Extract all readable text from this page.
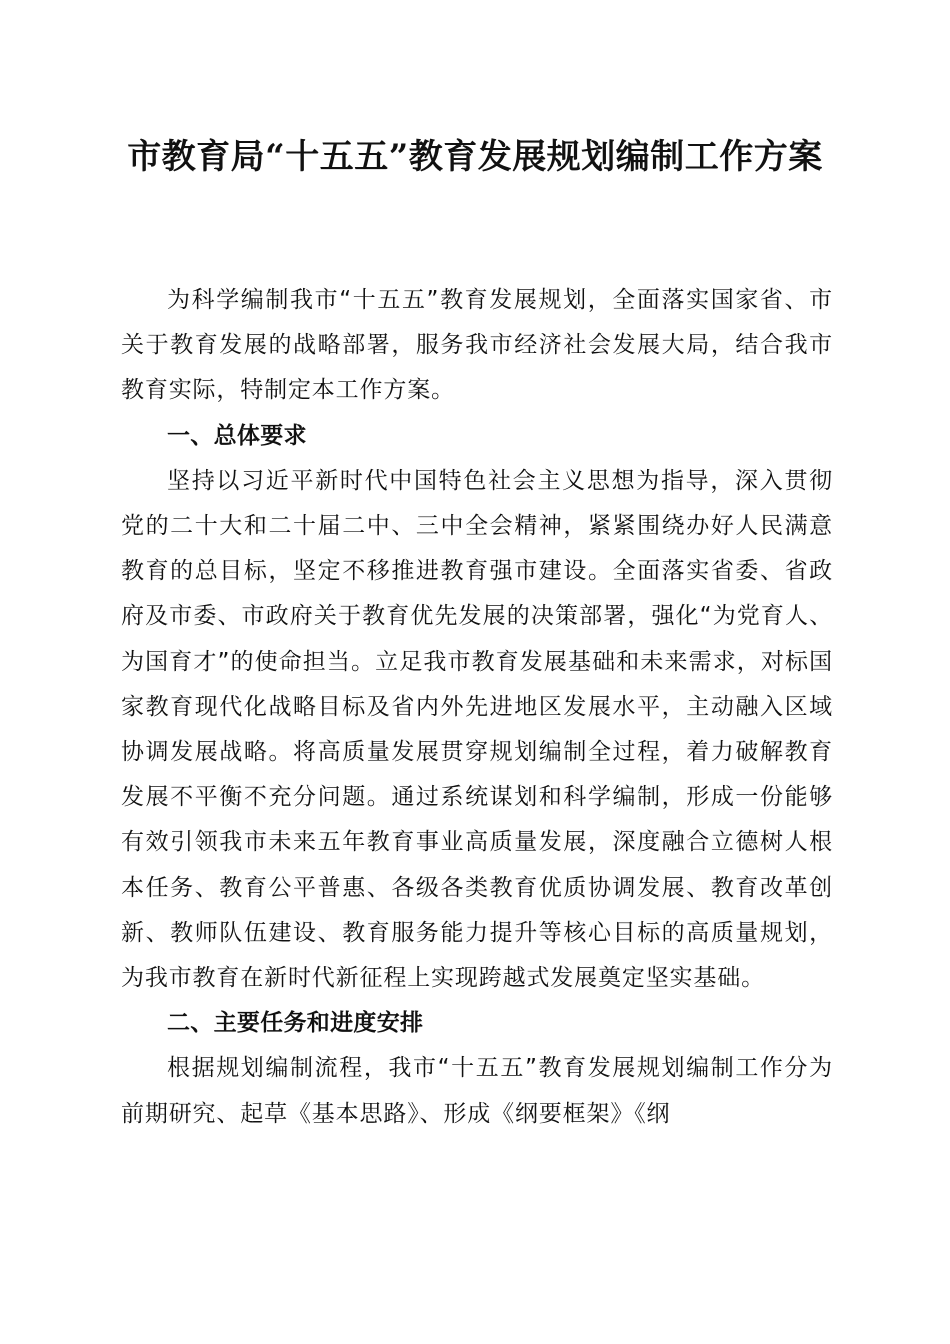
市教育局“十五五”教育发展规划编制工作方案

为科学编制我市“十五五”教育发展规划，全面落实国家省、市关于教育发展的战略部署，服务我市经济社会发展大局，结合我市教育实际，特制定本工作方案。

一、总体要求

坚持以习近平新时代中国特色社会主义思想为指导，深入贯彻党的二十大和二十届二中、三中全会精神，紧紧围绕办好人民满意教育的总目标，坚定不移推进教育强市建设。全面落实省委、省政府及市委、市政府关于教育优先发展的决策部署，强化“为党育人、为国育才”的使命担当。立足我市教育发展基础和未来需求，对标国家教育现代化战略目标及省内外先进地区发展水平，主动融入区域协调发展战略。将高质量发展贯穿规划编制全过程，着力破解教育发展不平衡不充分问题。通过系统谋划和科学编制，形成一份能够有效引领我市未来五年教育事业高质量发展，深度融合立德树人根本任务、教育公平普惠、各级各类教育优质协调发展、教育改革创新、教师队伍建设、教育服务能力提升等核心目标的高质量规划，为我市教育在新时代新征程上实现跨越式发展奠定坚实基础。

二、主要任务和进度安排

根据规划编制流程，我市“十五五”教育发展规划编制工作分为前期研究、起草《基本思路》、形成《纲要框架》《纲
